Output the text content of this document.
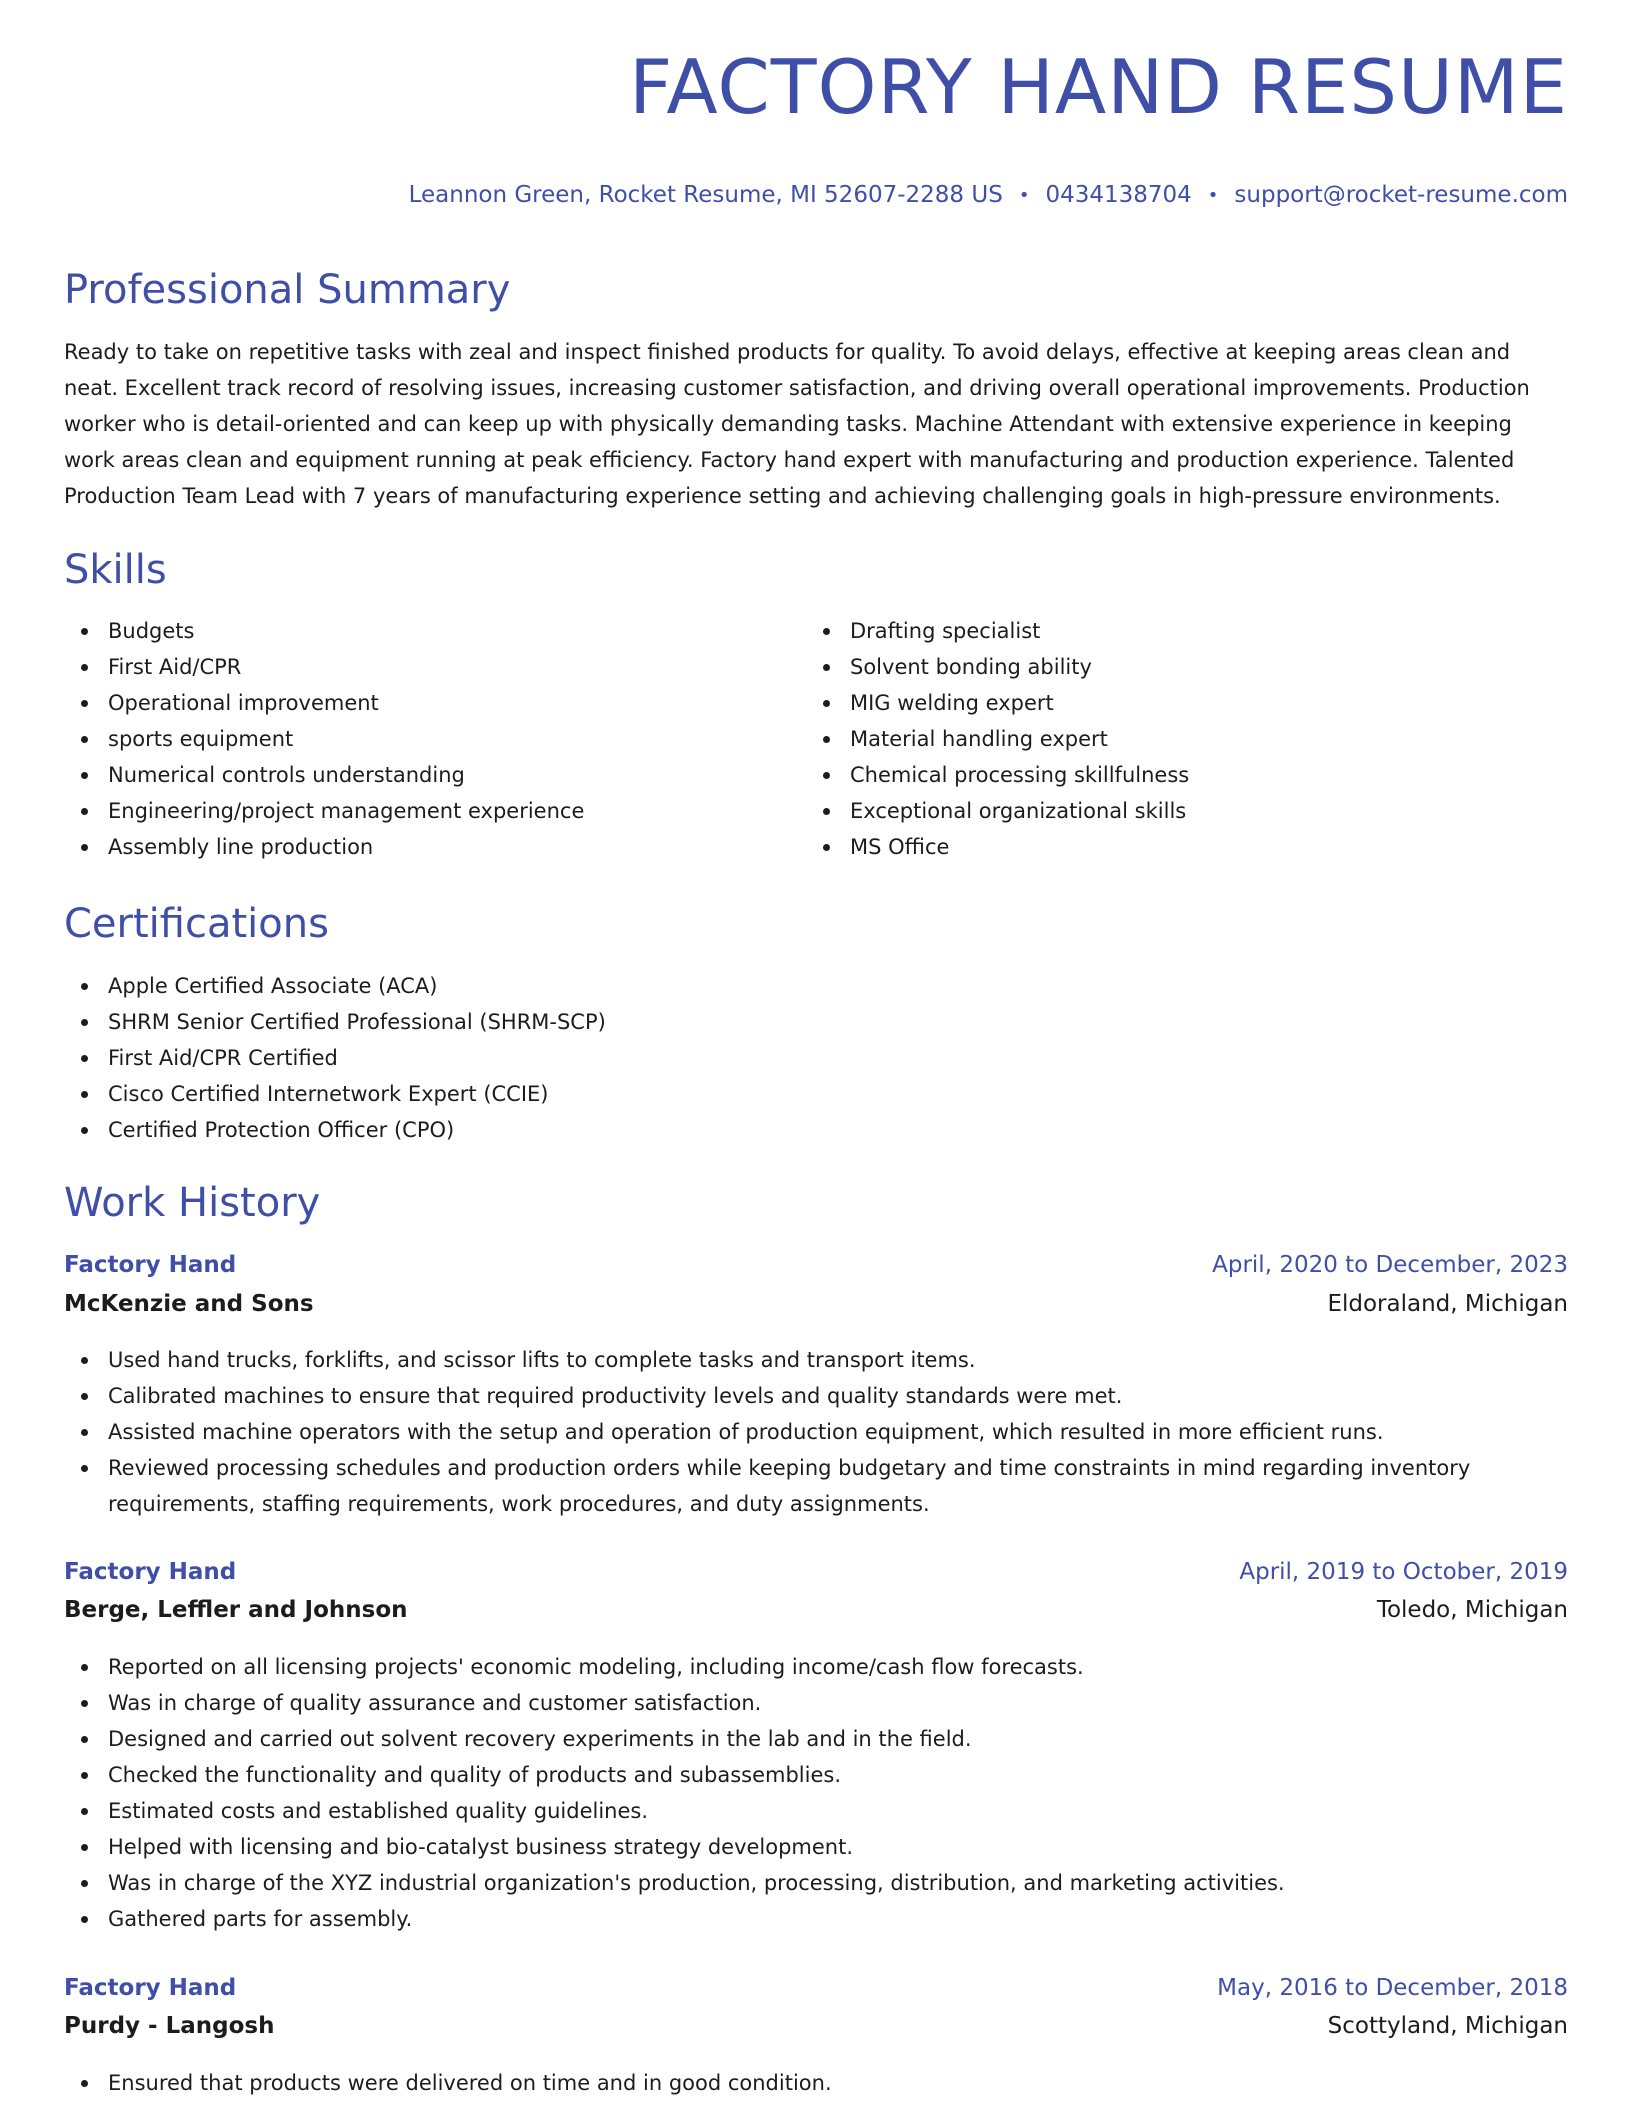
FACTORY HAND RESUME
Leannon Green, Rocket Resume, MI 52607-2288 US • 0434138704 • support@rocket-resume.com
Professional Summary

Ready to take on repetitive tasks with zeal and inspect finished products for quality. To avoid delays, effective at keeping areas clean and neat. Excellent track record of resolving issues, increasing customer satisfaction, and driving overall operational improvements. Production worker who is detail-oriented and can keep up with physically demanding tasks. Machine Attendant with extensive experience in keeping work areas clean and equipment running at peak efficiency. Factory hand expert with manufacturing and production experience. Talented Production Team Lead with 7 years of manufacturing experience setting and achieving challenging goals in high-pressure environments.

Skills
Budgets
First Aid/CPR
Operational improvement
sports equipment
Numerical controls understanding
Engineering/project management experience
Assembly line production
Drafting specialist
Solvent bonding ability
MIG welding expert
Material handling expert
Chemical processing skillfulness
Exceptional organizational skills
MS Office
Certifications
Apple Certified Associate (ACA)
SHRM Senior Certified Professional (SHRM-SCP)
First Aid/CPR Certified
Cisco Certified Internetwork Expert (CCIE)
Certified Protection Officer (CPO)
Work History
Factory Hand	April, 2020 to December, 2023
McKenzie and Sons	Eldoraland, Michigan
Used hand trucks, forklifts, and scissor lifts to complete tasks and transport items.
Calibrated machines to ensure that required productivity levels and quality standards were met.
Assisted machine operators with the setup and operation of production equipment, which resulted in more efficient runs.
Reviewed processing schedules and production orders while keeping budgetary and time constraints in mind regarding inventory requirements, staffing requirements, work procedures, and duty assignments.
Factory Hand	April, 2019 to October, 2019
Berge, Leffler and Johnson	Toledo, Michigan
Reported on all licensing projects' economic modeling, including income/cash flow forecasts.
Was in charge of quality assurance and customer satisfaction.
Designed and carried out solvent recovery experiments in the lab and in the field.
Checked the functionality and quality of products and subassemblies.
Estimated costs and established quality guidelines.
Helped with licensing and bio-catalyst business strategy development.
Was in charge of the XYZ industrial organization's production, processing, distribution, and marketing activities.
Gathered parts for assembly.
Factory Hand	May, 2016 to December, 2018
Purdy - Langosh	Scottyland, Michigan
Ensured that products were delivered on time and in good condition.
